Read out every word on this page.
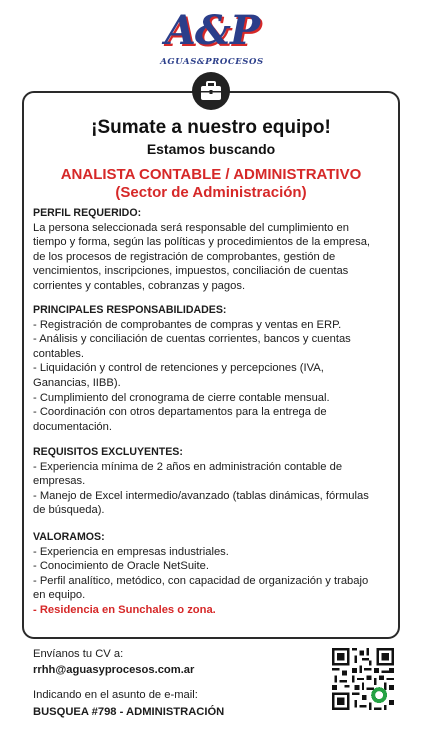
A&P
AGUAS&PROCESOS
¡Sumate a nuestro equipo!
Estamos buscando
ANALISTA CONTABLE / ADMINISTRATIVO
(Sector de Administración)
PERFIL REQUERIDO:
La persona seleccionada será responsable del cumplimiento en
tiempo y forma, según las políticas y procedimientos de la empresa,
de los procesos de registración de comprobantes, gestión de
vencimientos, inscripciones, impuestos, conciliación de cuentas
corrientes y contables, cobranzas y pagos.
PRINCIPALES RESPONSABILIDADES:
- Registración de comprobantes de compras y ventas en ERP.
- Análisis y conciliación de cuentas corrientes, bancos y cuentas
contables.
- Liquidación y control de retenciones y percepciones (IVA,
Ganancias, IIBB).
- Cumplimiento del cronograma de cierre contable mensual.
- Coordinación con otros departamentos para la entrega de
documentación.
REQUISITOS EXCLUYENTES:
- Experiencia mínima de 2 años en administración contable de
empresas.
- Manejo de Excel intermedio/avanzado (tablas dinámicas, fórmulas
de búsqueda).
VALORAMOS:
- Experiencia en empresas industriales.
- Conocimiento de Oracle NetSuite.
- Perfil analítico, metódico, con capacidad de organización y trabajo
en equipo.
- Residencia en Sunchales o zona.
Envíanos tu CV a:
rrhh@aguasyprocesos.com.ar
Indicando en el asunto de e-mail:
BUSQUEA #798 - ADMINISTRACIÓN
